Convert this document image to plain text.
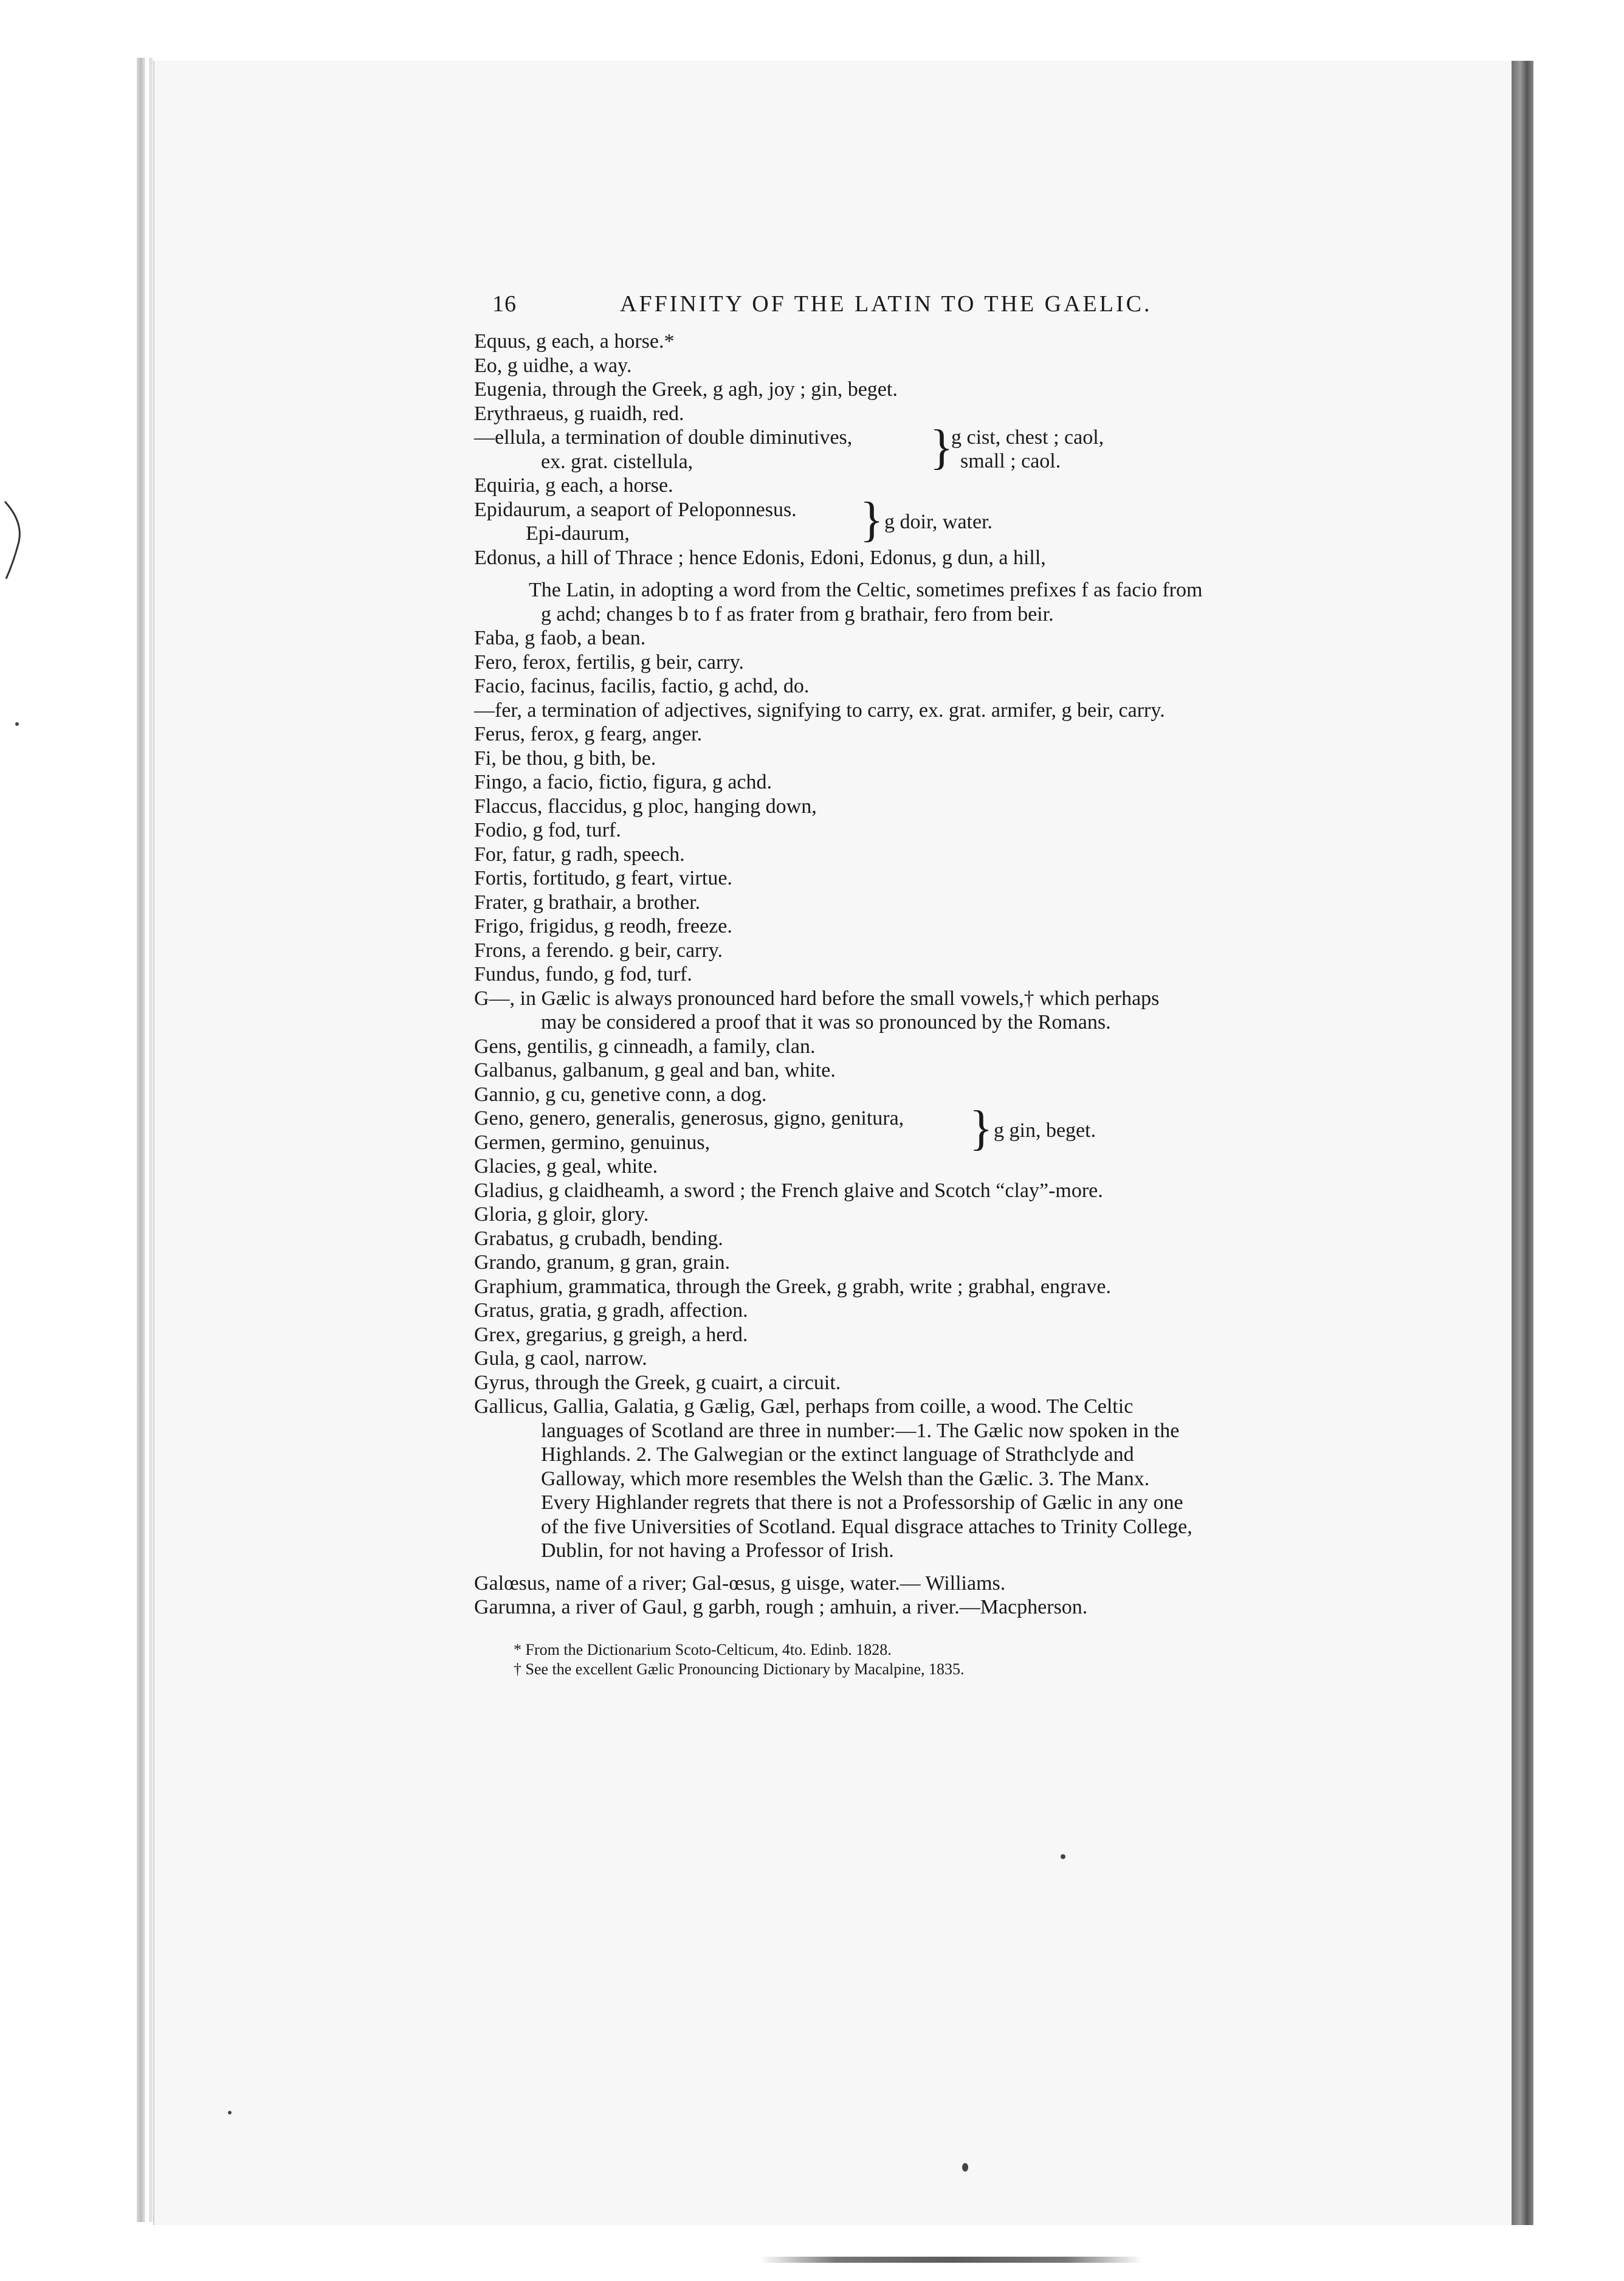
16	AFFINITY OF THE LATIN TO THE GAELIC.
Equus, g each, a horse.*
Eo, g uidhe, a way.
Eugenia, through the Greek, g agh, joy ; gin, beget.
Erythraeus, g ruaidh, red.
—ellula, a termination of double diminutives,
ex. grat. cistellula,	}
g cist, chest ; caol,
small ; caol.
Equiria, g each, a horse.
Epidaurum, a seaport of Peloponnesus.
Epi-daurum,	} g doir, water.
Edonus, a hill of Thrace ; hence Edonis, Edoni, Edonus, g dun, a hill,
The Latin, in adopting a word from the Celtic, sometimes prefixes f as facio from
g achd; changes b to f as frater from g brathair, fero from beir.
Faba, g faob, a bean.
Fero, ferox, fertilis, g beir, carry.
Facio, facinus, facilis, factio, g achd, do.
—fer, a termination of adjectives, signifying to carry, ex. grat. armifer, g beir, carry.
Ferus, ferox, g fearg, anger.
Fi, be thou, g bith, be.
Fingo, a facio, fictio, figura, g achd.
Flaccus, flaccidus, g ploc, hanging down,
Fodio, g fod, turf.
For, fatur, g radh, speech.
Fortis, fortitudo, g feart, virtue.
Frater, g brathair, a brother.
Frigo, frigidus, g reodh, freeze.
Frons, a ferendo. g beir, carry.
Fundus, fundo, g fod, turf.
G—, in Gælic is always pronounced hard before the small vowels,† which perhaps
may be considered a proof that it was so pronounced by the Romans.
Gens, gentilis, g cinneadh, a family, clan.
Galbanus, galbanum, g geal and ban, white.
Gannio, g cu, genetive conn, a dog.
Geno, genero, generalis, generosus, gigno, genitura,
Germen, germino, genuinus,	} g gin, beget.
Glacies, g geal, white.
Gladius, g claidheamh, a sword ; the French glaive and Scotch “clay”-more.
Gloria, g gloir, glory.
Grabatus, g crubadh, bending.
Grando, granum, g gran, grain.
Graphium, grammatica, through the Greek, g grabh, write ; grabhal, engrave.
Gratus, gratia, g gradh, affection.
Grex, gregarius, g greigh, a herd.
Gula, g caol, narrow.
Gyrus, through the Greek, g cuairt, a circuit.
Gallicus, Gallia, Galatia, g Gælig, Gæl, perhaps from coille, a wood. The Celtic
languages of Scotland are three in number:—1. The Gælic now spoken in the
Highlands. 2. The Galwegian or the extinct language of Strathclyde and
Galloway, which more resembles the Welsh than the Gælic. 3. The Manx.
Every Highlander regrets that there is not a Professorship of Gælic in any one
of the five Universities of Scotland. Equal disgrace attaches to Trinity College,
Dublin, for not having a Professor of Irish.
Galœsus, name of a river; Gal-œsus, g uisge, water.— Williams.
Garumna, a river of Gaul, g garbh, rough ; amhuin, a river.—Macpherson.
* From the Dictionarium Scoto-Celticum, 4to. Edinb. 1828.
† See the excellent Gælic Pronouncing Dictionary by Macalpine, 1835.
